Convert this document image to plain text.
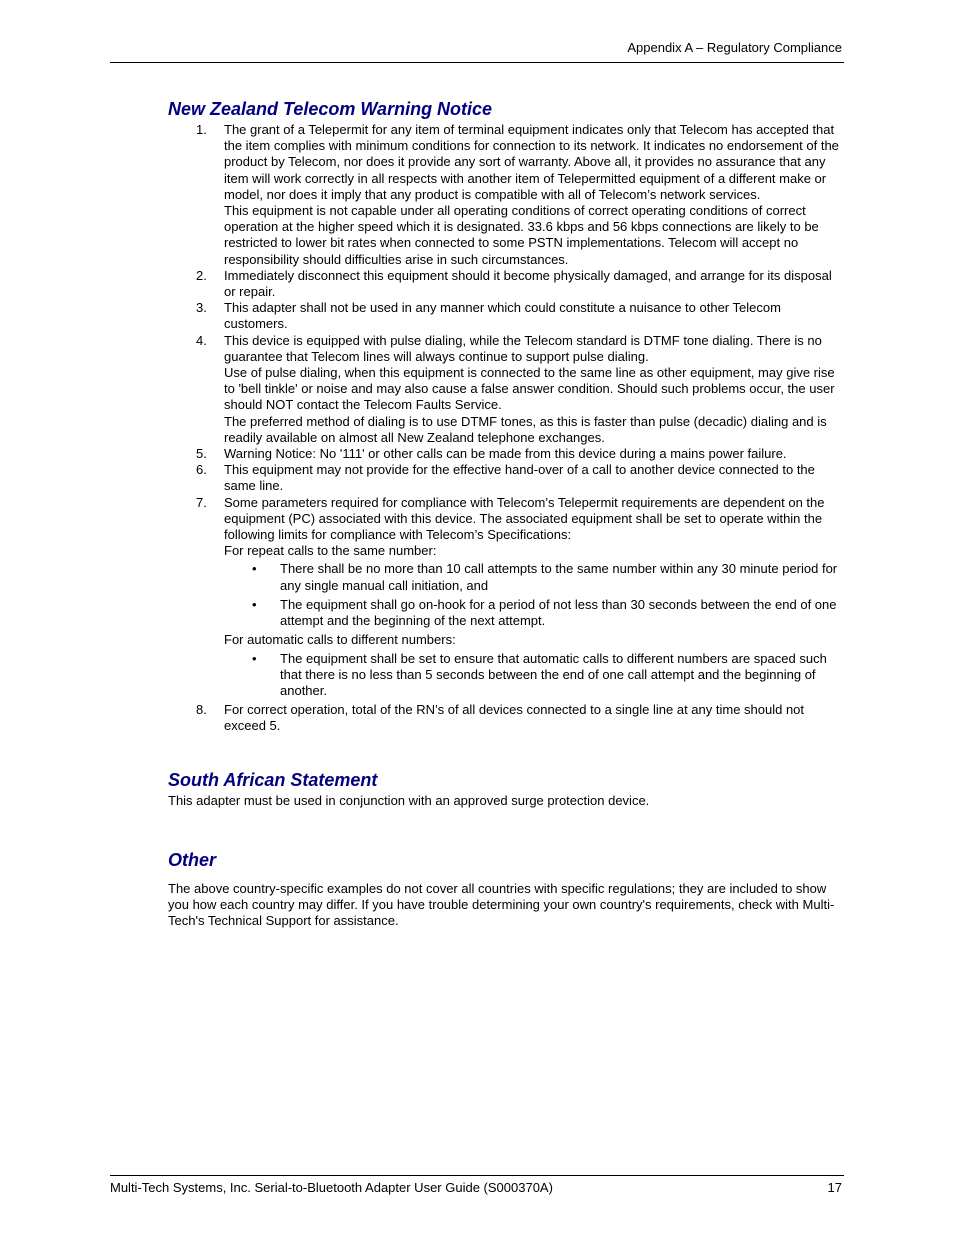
Appendix A – Regulatory Compliance
New Zealand Telecom Warning Notice
1. The grant of a Telepermit for any item of terminal equipment indicates only that Telecom has accepted that the item complies with minimum conditions for connection to its network. It indicates no endorsement of the product by Telecom, nor does it provide any sort of warranty. Above all, it provides no assurance that any item will work correctly in all respects with another item of Telepermitted equipment of a different make or model, nor does it imply that any product is compatible with all of Telecom’s network services.
This equipment is not capable under all operating conditions of correct operating conditions of correct operation at the higher speed which it is designated. 33.6 kbps and 56 kbps connections are likely to be restricted to lower bit rates when connected to some PSTN implementations. Telecom will accept no responsibility should difficulties arise in such circumstances.
2. Immediately disconnect this equipment should it become physically damaged, and arrange for its disposal or repair.
3. This adapter shall not be used in any manner which could constitute a nuisance to other Telecom customers.
4. This device is equipped with pulse dialing, while the Telecom standard is DTMF tone dialing. There is no guarantee that Telecom lines will always continue to support pulse dialing.
Use of pulse dialing, when this equipment is connected to the same line as other equipment, may give rise to 'bell tinkle' or noise and may also cause a false answer condition. Should such problems occur, the user should NOT contact the Telecom Faults Service.
The preferred method of dialing is to use DTMF tones, as this is faster than pulse (decadic) dialing and is readily available on almost all New Zealand telephone exchanges.
5. Warning Notice: No '111' or other calls can be made from this device during a mains power failure.
6. This equipment may not provide for the effective hand-over of a call to another device connected to the same line.
7. Some parameters required for compliance with Telecom’s Telepermit requirements are dependent on the equipment (PC) associated with this device. The associated equipment shall be set to operate within the following limits for compliance with Telecom’s Specifications:
For repeat calls to the same number:
• There shall be no more than 10 call attempts to the same number within any 30 minute period for any single manual call initiation, and
• The equipment shall go on-hook for a period of not less than 30 seconds between the end of one attempt and the beginning of the next attempt.
For automatic calls to different numbers:
• The equipment shall be set to ensure that automatic calls to different numbers are spaced such that there is no less than 5 seconds between the end of one call attempt and the beginning of another.
8. For correct operation, total of the RN’s of all devices connected to a single line at any time should not exceed 5.
South African Statement

This adapter must be used in conjunction with an approved surge protection device.

Other

The above country-specific examples do not cover all countries with specific regulations; they are included to show you how each country may differ. If you have trouble determining your own country's requirements, check with Multi-Tech's Technical Support for assistance.

Multi-Tech Systems, Inc. Serial-to-Bluetooth Adapter User Guide (S000370A)	17
